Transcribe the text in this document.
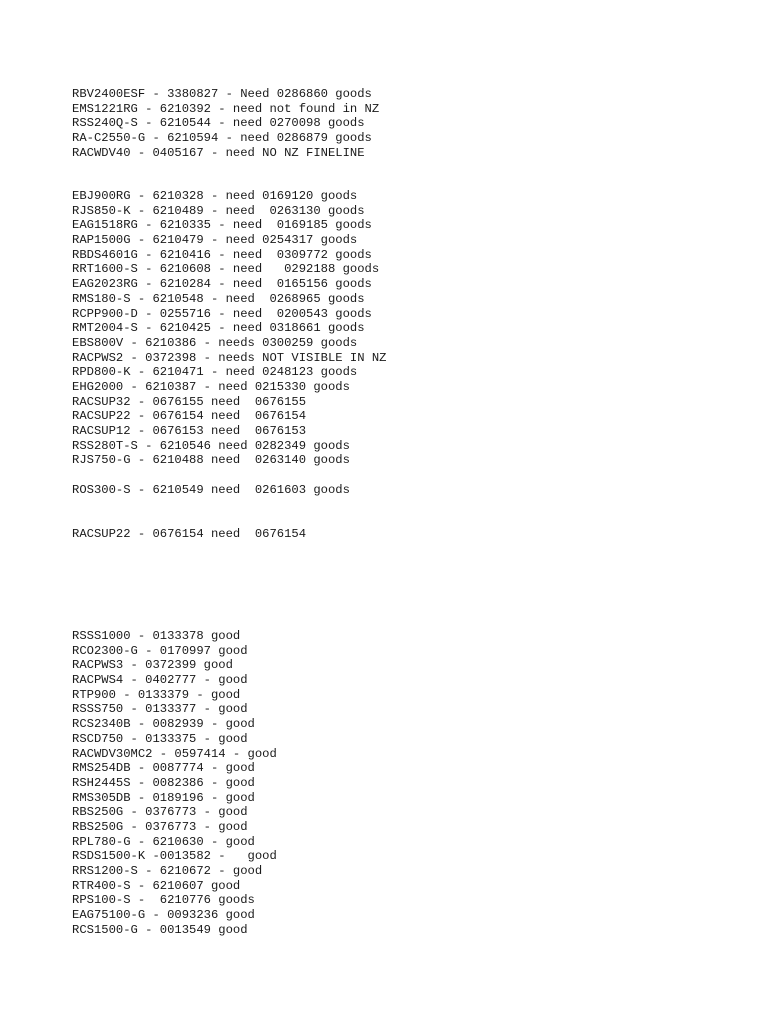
RBV2400ESF - 3380827 - Need 0286860 goods
EMS1221RG - 6210392 - need not found in NZ
RSS240Q-S - 6210544 - need 0270098 goods
RA-C2550-G - 6210594 - need 0286879 goods
RACWDV40 - 0405167 - need NO NZ FINELINE
EBJ900RG - 6210328 - need 0169120 goods
RJS850-K - 6210489 - need  0263130 goods
EAG1518RG - 6210335 - need  0169185 goods
RAP1500G - 6210479 - need 0254317 goods
RBDS4601G - 6210416 - need  0309772 goods
RRT1600-S - 6210608 - need   0292188 goods
EAG2023RG - 6210284 - need  0165156 goods
RMS180-S - 6210548 - need  0268965 goods
RCPP900-D - 0255716 - need  0200543 goods
RMT2004-S - 6210425 - need 0318661 goods
EBS800V - 6210386 - needs 0300259 goods
RACPWS2 - 0372398 - needs NOT VISIBLE IN NZ
RPD800-K - 6210471 - need 0248123 goods
EHG2000 - 6210387 - need 0215330 goods
RACSUP32 - 0676155 need  0676155
RACSUP22 - 0676154 need  0676154
RACSUP12 - 0676153 need  0676153
RSS280T-S - 6210546 need 0282349 goods
RJS750-G - 6210488 need  0263140 goods
ROS300-S - 6210549 need  0261603 goods
RACSUP22 - 0676154 need  0676154
RSSS1000 - 0133378 good
RCO2300-G - 0170997 good
RACPWS3 - 0372399 good
RACPWS4 - 0402777 - good
RTP900 - 0133379 - good
RSSS750 - 0133377 - good
RCS2340B - 0082939 - good
RSCD750 - 0133375 - good
RACWDV30MC2 - 0597414 - good
RMS254DB - 0087774 - good
RSH2445S - 0082386 - good
RMS305DB - 0189196 - good
RBS250G - 0376773 - good
RBS250G - 0376773 - good
RPL780-G - 6210630 - good
RSDS1500-K -0013582 -   good
RRS1200-S - 6210672 - good
RTR400-S - 6210607 good
RPS100-S -  6210776 goods
EAG75100-G - 0093236 good
RCS1500-G - 0013549 good
